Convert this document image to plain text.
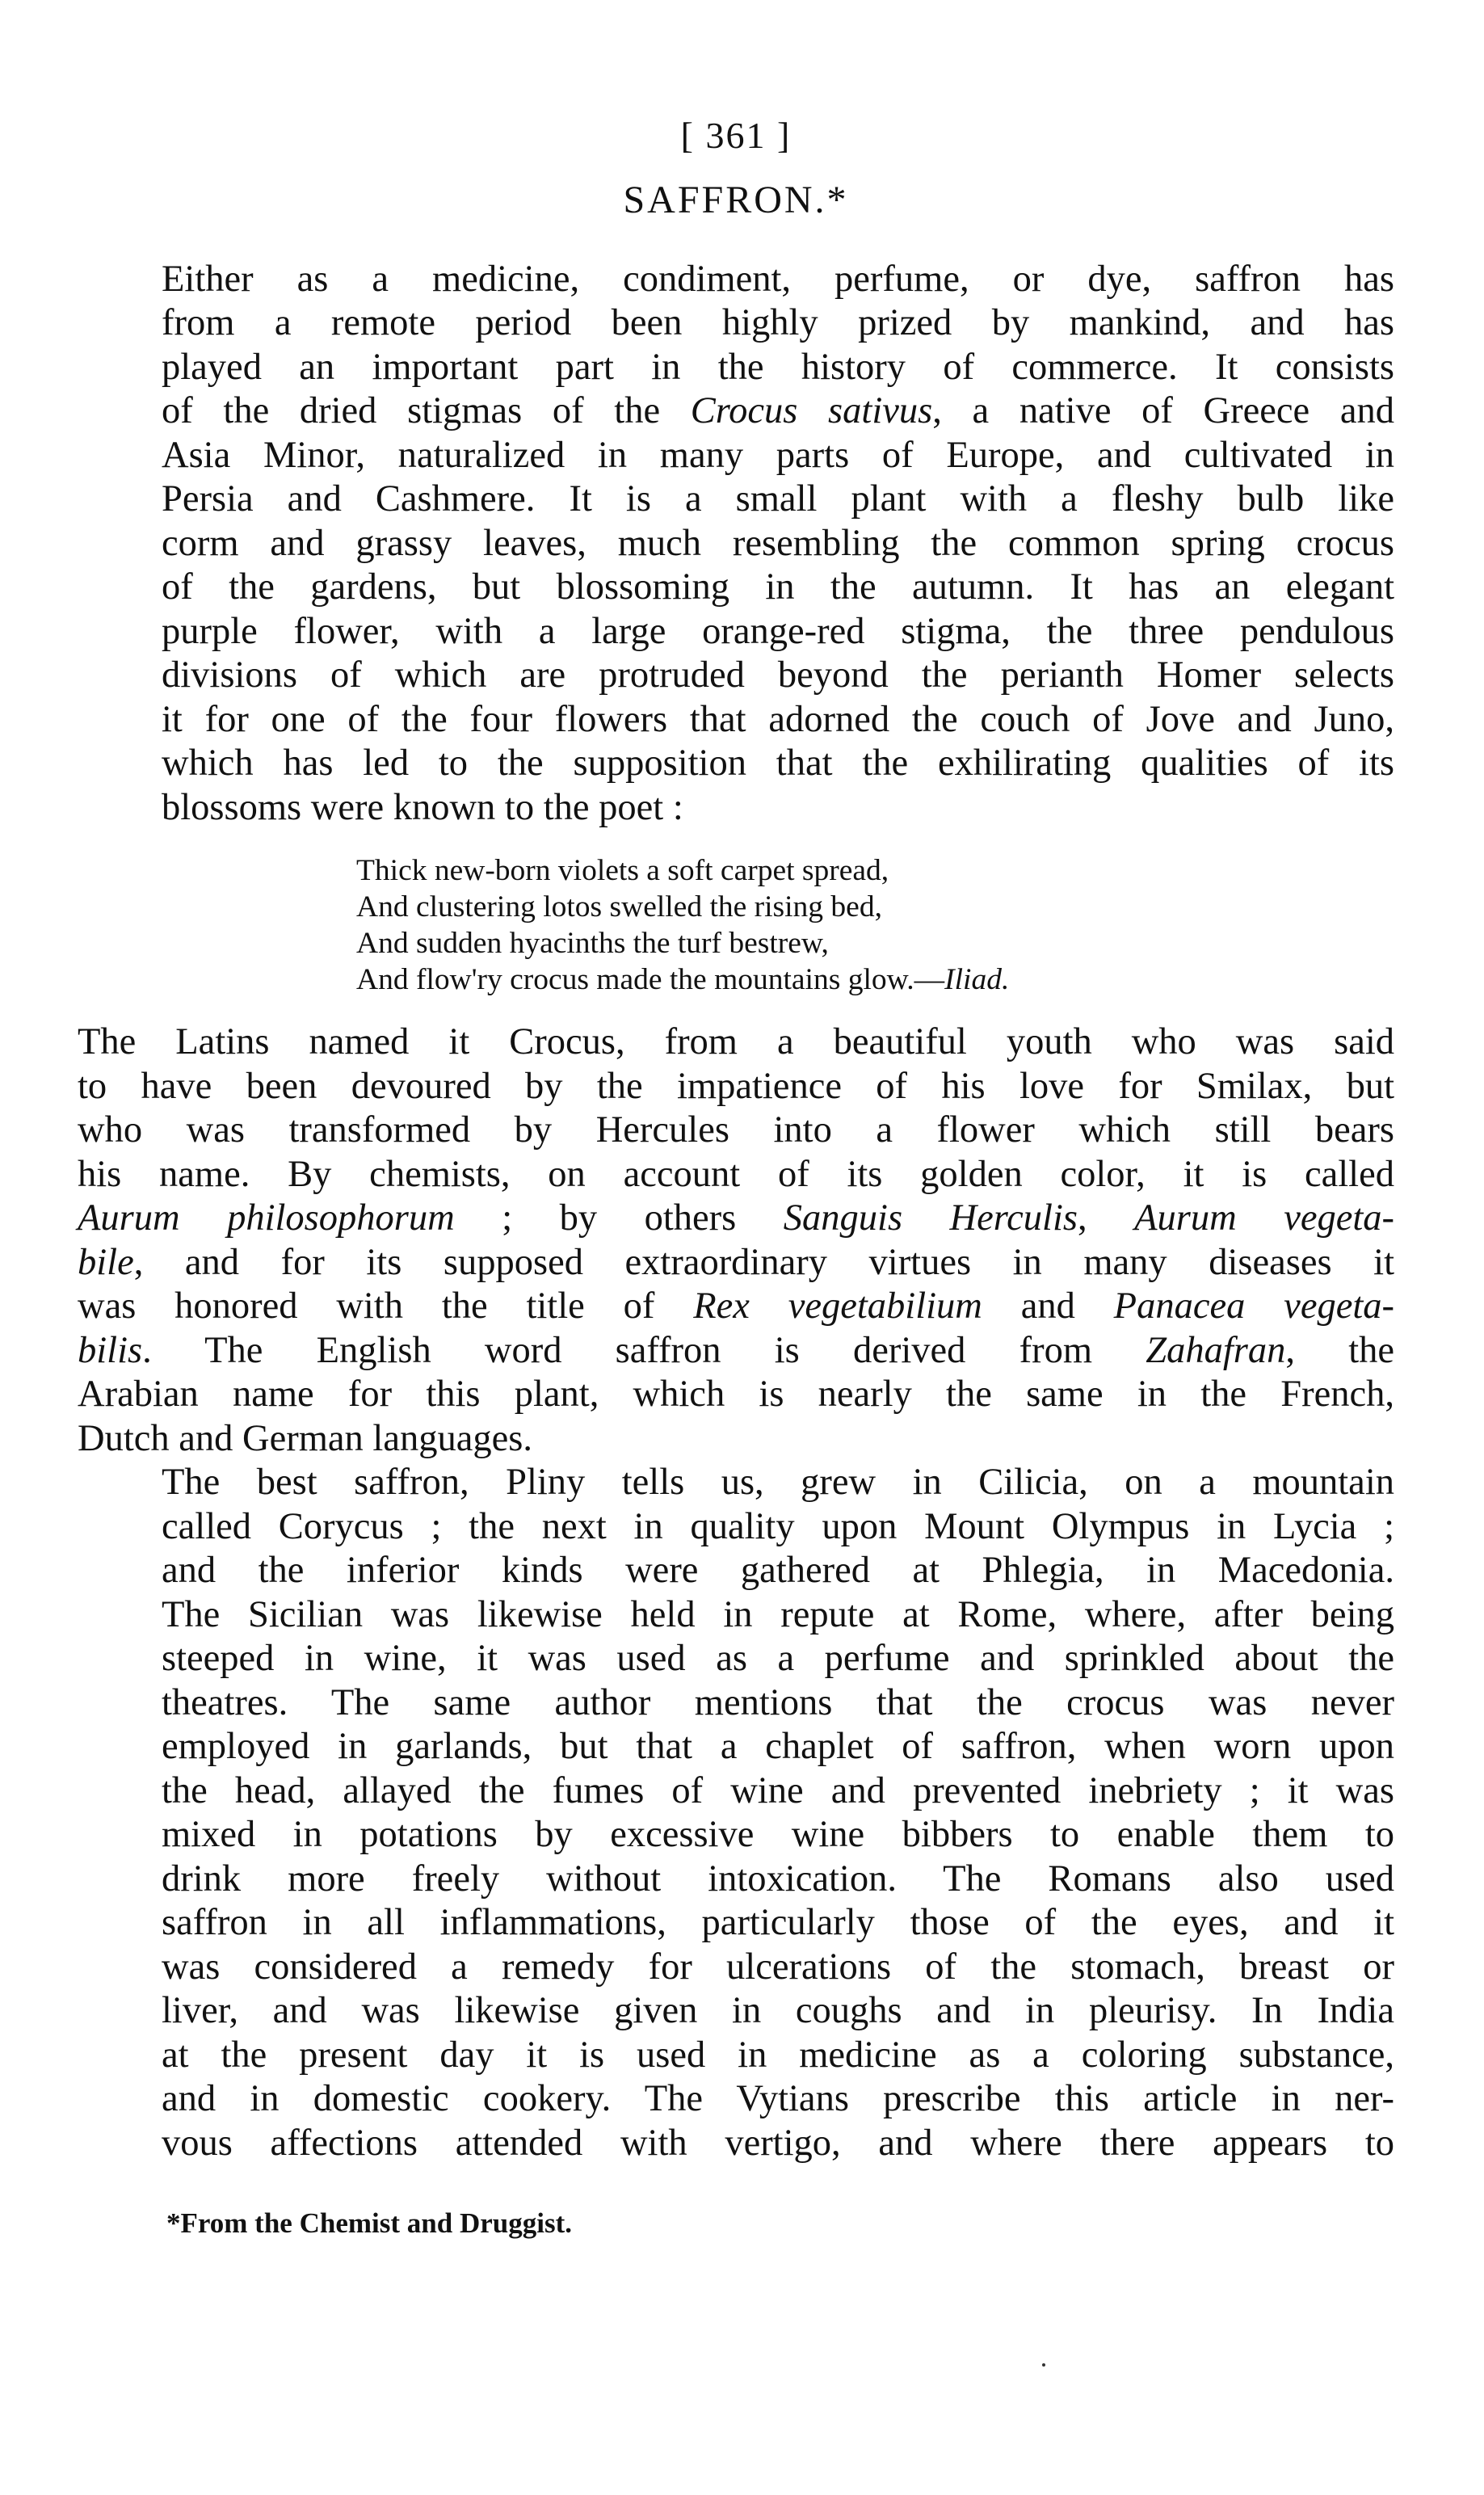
[ 361 ]
SAFFRON.*
Either as a medicine, condiment, perfume, or dye, saffron has
from a remote period been highly prized by mankind, and has
played an important part in the history of commerce. It consists
of the dried stigmas of the Crocus sativus, a native of Greece and
Asia Minor, naturalized in many parts of Europe, and cultivated in
Persia and Cashmere. It is a small plant with a fleshy bulb like
corm and grassy leaves, much resembling the common spring crocus
of the gardens, but blossoming in the autumn. It has an elegant
purple flower, with a large orange-red stigma, the three pendulous
divisions of which are protruded beyond the perianth Homer selects
it for one of the four flowers that adorned the couch of Jove and Juno,
which has led to the supposition that the exhilirating qualities of its
blossoms were known to the poet :
Thick new-born violets a soft carpet spread,
And clustering lotos swelled the rising bed,
And sudden hyacinths the turf bestrew,
And flow'ry crocus made the mountains glow.—Iliad.
The Latins named it Crocus, from a beautiful youth who was said
to have been devoured by the impatience of his love for Smilax, but
who was transformed by Hercules into a flower which still bears
his name. By chemists, on account of its golden color, it is called
Aurum philosophorum ; by others Sanguis Herculis, Aurum vegeta-
bile, and for its supposed extraordinary virtues in many diseases it
was honored with the title of Rex vegetabilium and Panacea vegeta-
bilis. The English word saffron is derived from Zahafran, the
Arabian name for this plant, which is nearly the same in the French,
Dutch and German languages.
The best saffron, Pliny tells us, grew in Cilicia, on a mountain
called Corycus ; the next in quality upon Mount Olympus in Lycia ;
and the inferior kinds were gathered at Phlegia, in Macedonia.
The Sicilian was likewise held in repute at Rome, where, after being
steeped in wine, it was used as a perfume and sprinkled about the
theatres. The same author mentions that the crocus was never
employed in garlands, but that a chaplet of saffron, when worn upon
the head, allayed the fumes of wine and prevented inebriety ; it was
mixed in potations by excessive wine bibbers to enable them to
drink more freely without intoxication. The Romans also used
saffron in all inflammations, particularly those of the eyes, and it
was considered a remedy for ulcerations of the stomach, breast or
liver, and was likewise given in coughs and in pleurisy. In India
at the present day it is used in medicine as a coloring substance,
and in domestic cookery. The Vytians prescribe this article in ner-
vous affections attended with vertigo, and where there appears to
*From the Chemist and Druggist.
